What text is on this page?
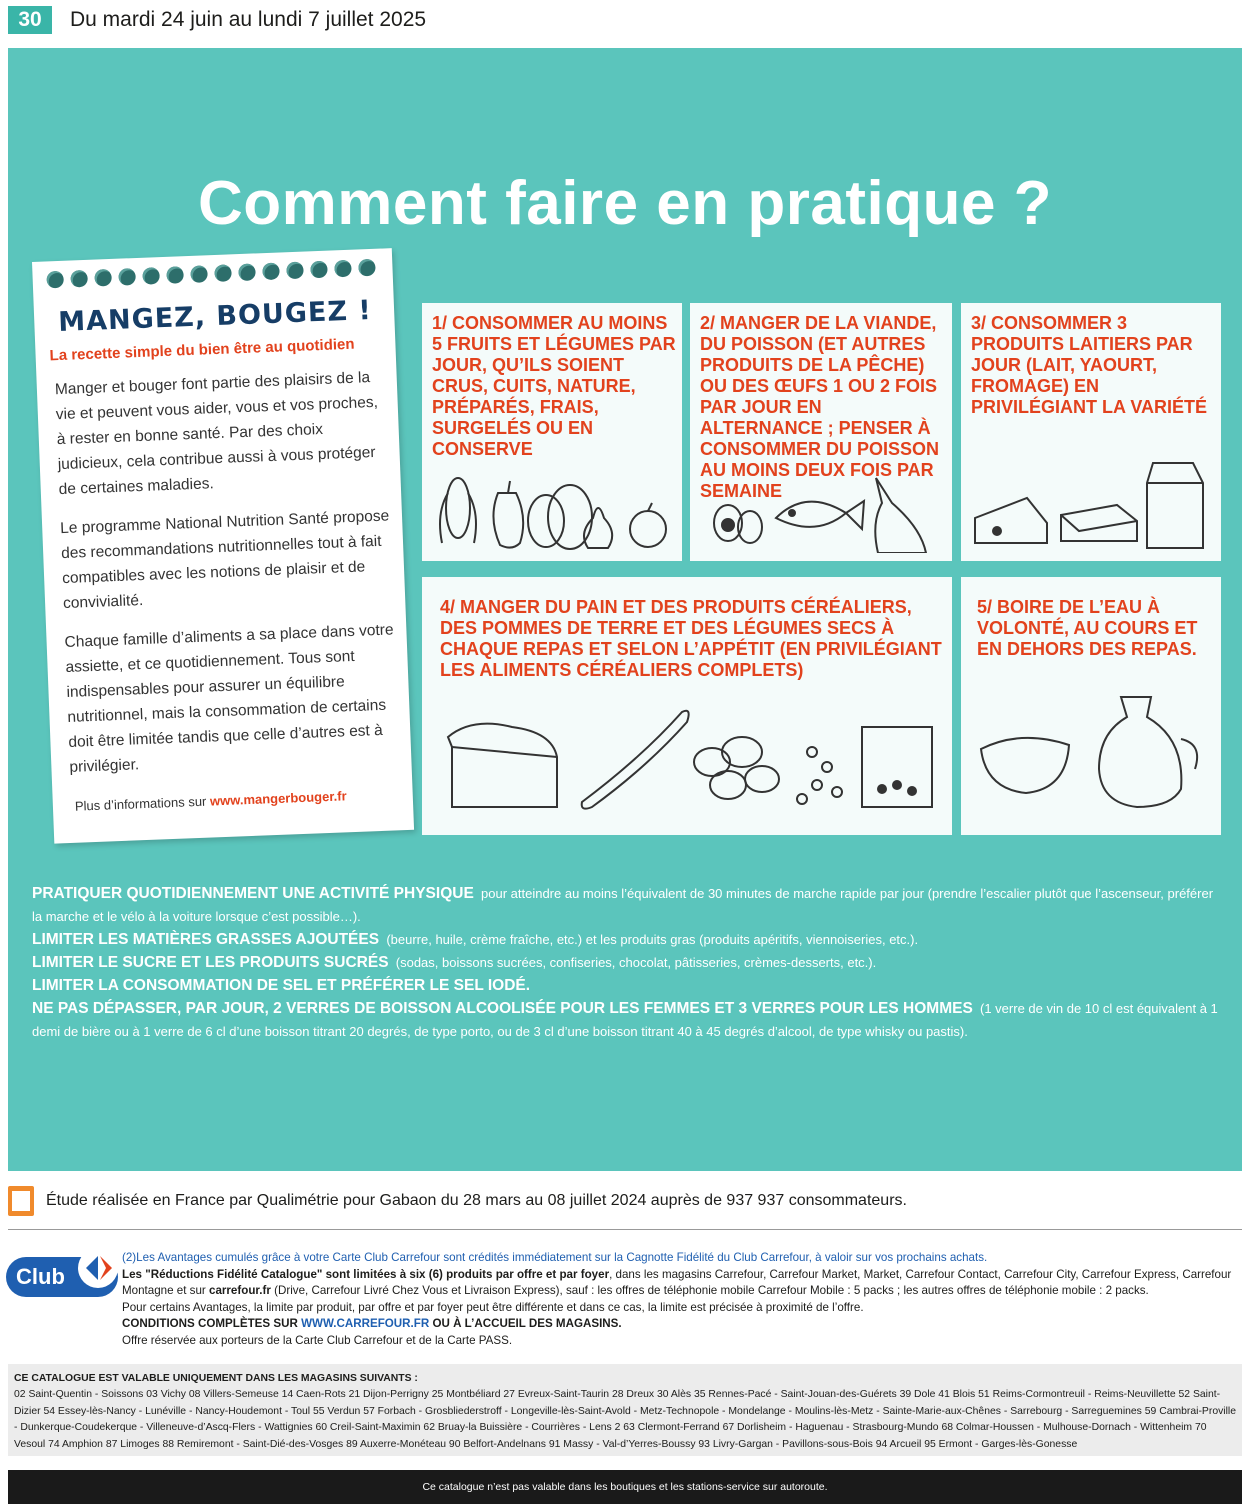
30	Du mardi 24 juin au lundi 7 juillet 2025
Comment faire en pratique ?
MANGEZ, BOUGEZ !
La recette simple du bien être au quotidien

Manger et bouger font partie des plaisirs de la vie et peuvent vous aider, vous et vos proches, à rester en bonne santé. Par des choix judicieux, cela contribue aussi à vous protéger de certaines maladies.

Le programme National Nutrition Santé propose des recommandations nutritionnelles tout à fait compatibles avec les notions de plaisir et de convivialité.

Chaque famille d’aliments a sa place dans votre assiette, et ce quotidiennement. Tous sont indispensables pour assurer un équilibre nutritionnel, mais la consommation de certains doit être limitée tandis que celle d’autres est à privilégier.

Plus d’informations sur www.mangerbouger.fr
1/ CONSOMMER AU MOINS 5 FRUITS ET LÉGUMES PAR JOUR, QU’ILS SOIENT CRUS, CUITS, NATURE, PRÉPARÉS, FRAIS, SURGELÉS OU EN CONSERVE
2/ MANGER DE LA VIANDE, DU POISSON (ET AUTRES PRODUITS DE LA PÊCHE) OU DES ŒUFS 1 OU 2 FOIS PAR JOUR EN ALTERNANCE ; PENSER À CONSOMMER DU POISSON AU MOINS DEUX FOIS PAR SEMAINE
3/ CONSOMMER 3 PRODUITS LAITIERS PAR JOUR (LAIT, YAOURT, FROMAGE) EN PRIVILÉGIANT LA VARIÉTÉ
4/ MANGER DU PAIN ET DES PRODUITS CÉRÉALIERS, DES POMMES DE TERRE ET DES LÉGUMES SECS À CHAQUE REPAS ET SELON L’APPÉTIT (EN PRIVILÉGIANT LES ALIMENTS CÉRÉALIERS COMPLETS)
5/ BOIRE DE L’EAU À VOLONTÉ, AU COURS ET EN DEHORS DES REPAS.
PRATIQUER QUOTIDIENNEMENT UNE ACTIVITÉ PHYSIQUE pour atteindre au moins l’équivalent de 30 minutes de marche rapide par jour (prendre l’escalier plutôt que l’ascenseur, préférer la marche et le vélo à la voiture lorsque c’est possible…).
LIMITER LES MATIÈRES GRASSES AJOUTÉES (beurre, huile, crème fraîche, etc.) et les produits gras (produits apéritifs, viennoiseries, etc.).
LIMITER LE SUCRE ET LES PRODUITS SUCRÉS (sodas, boissons sucrées, confiseries, chocolat, pâtisseries, crèmes-desserts, etc.).
LIMITER LA CONSOMMATION DE SEL ET PRÉFÉRER LE SEL IODÉ.
NE PAS DÉPASSER, PAR JOUR, 2 VERRES DE BOISSON ALCOOLISÉE POUR LES FEMMES ET 3 VERRES POUR LES HOMMES (1 verre de vin de 10 cl est équivalent à 1 demi de bière ou à 1 verre de 6 cl d’une boisson titrant 20 degrés, de type porto, ou de 3 cl d’une boisson titrant 40 à 45 degrés d’alcool, de type whisky ou pastis).
Étude réalisée en France par Qualimétrie pour Gabaon du 28 mars au 08 juillet 2024 auprès de 937 937 consommateurs.
Club
(2)Les Avantages cumulés grâce à votre Carte Club Carrefour sont crédités immédiatement sur la Cagnotte Fidélité du Club Carrefour, à valoir sur vos prochains achats.
Les "Réductions Fidélité Catalogue" sont limitées à six (6) produits par offre et par foyer, dans les magasins Carrefour, Carrefour Market, Market, Carrefour Contact, Carrefour City, Carrefour Express, Carrefour Montagne et sur carrefour.fr (Drive, Carrefour Livré Chez Vous et Livraison Express), sauf : les offres de téléphonie mobile Carrefour Mobile : 5 packs ; les autres offres de téléphonie mobile : 2 packs.
Pour certains Avantages, la limite par produit, par offre et par foyer peut être différente et dans ce cas, la limite est précisée à proximité de l’offre.
CONDITIONS COMPLÈTES SUR WWW.CARREFOUR.FR OU À L’ACCUEIL DES MAGASINS.
Offre réservée aux porteurs de la Carte Club Carrefour et de la Carte PASS.
CE CATALOGUE EST VALABLE UNIQUEMENT DANS LES MAGASINS SUIVANTS :
02 Saint-Quentin - Soissons 03 Vichy 08 Villers-Semeuse 14 Caen-Rots 21 Dijon-Perrigny 25 Montbéliard 27 Evreux-Saint-Taurin 28 Dreux 30 Alès 35 Rennes-Pacé - Saint-Jouan-des-Guérets 39 Dole 41 Blois 51 Reims-Cormontreuil - Reims-Neuvillette 52 Saint-Dizier 54 Essey-lès-Nancy - Lunéville - Nancy-Houdemont - Toul 55 Verdun 57 Forbach - Grosbliederstroff - Longeville-lès-Saint-Avold - Metz-Technopole - Mondelange - Moulins-lès-Metz - Sainte-Marie-aux-Chênes - Sarrebourg - Sarreguemines 59 Cambrai-Proville - Dunkerque-Coudekerque - Villeneuve-d’Ascq-Flers - Wattignies 60 Creil-Saint-Maximin 62 Bruay-la Buissière - Courrières - Lens 2 63 Clermont-Ferrand 67 Dorlisheim - Haguenau - Strasbourg-Mundo 68 Colmar-Houssen - Mulhouse-Dornach - Wittenheim 70 Vesoul 74 Amphion 87 Limoges 88 Remiremont - Saint-Dié-des-Vosges 89 Auxerre-Monéteau 90 Belfort-Andelnans 91 Massy - Val-d’Yerres-Boussy 93 Livry-Gargan - Pavillons-sous-Bois 94 Arcueil 95 Ermont - Garges-lès-Gonesse
Ce catalogue n’est pas valable dans les boutiques et les stations-service sur autoroute.
